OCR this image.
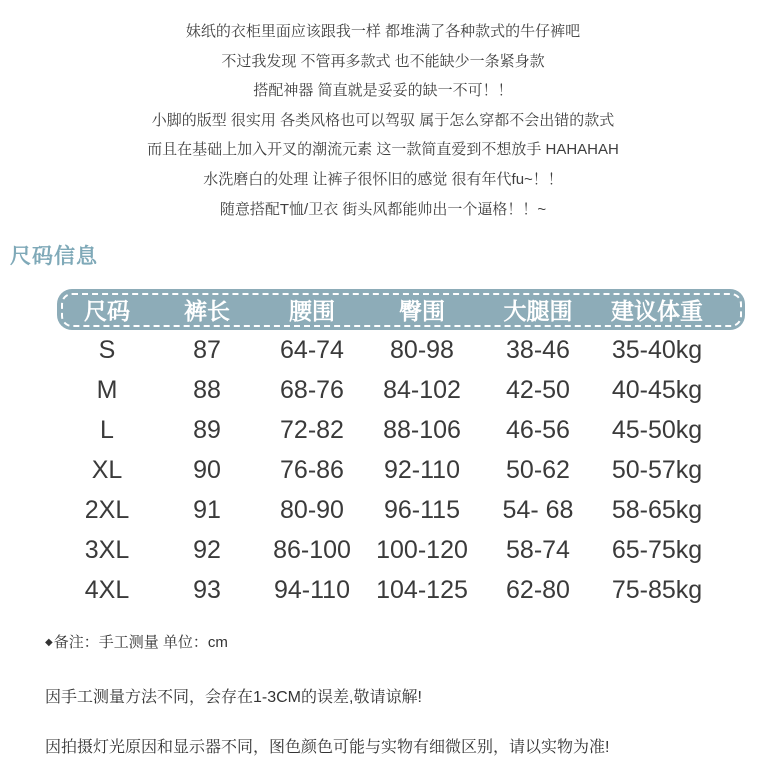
妹纸的衣柜里面应该跟我一样 都堆满了各种款式的牛仔裤吧
不过我发现 不管再多款式 也不能缺少一条紧身款
搭配神器 简直就是妥妥的缺一不可！！
小脚的版型 很实用 各类风格也可以驾驭 属于怎么穿都不会出错的款式
而且在基础上加入开叉的潮流元素 这一款简直爱到不想放手 HAHAHAH
水洗磨白的处理 让裤子很怀旧的感觉 很有年代fu~！！
随意搭配T恤/卫衣 街头风都能帅出一个逼格！！~
尺码信息
尺码	裤长	腰围	臀围	大腿围	建议体重
S	87	64-74	80-98	38-46	35-40kg
M	88	68-76	84-102	42-50	40-45kg
L	89	72-82	88-106	46-56	45-50kg
XL	90	76-86	92-110	50-62	50-57kg
2XL	91	80-90	96-115	54- 68	58-65kg
3XL	92	86-100	100-120	58-74	65-75kg
4XL	93	94-110	104-125	62-80	75-85kg
◆备注：手工测量 单位：cm
因手工测量方法不同，会存在1-3CM的误差,敬请谅解!
因拍摄灯光原因和显示器不同，图色颜色可能与实物有细微区别，请以实物为准!
